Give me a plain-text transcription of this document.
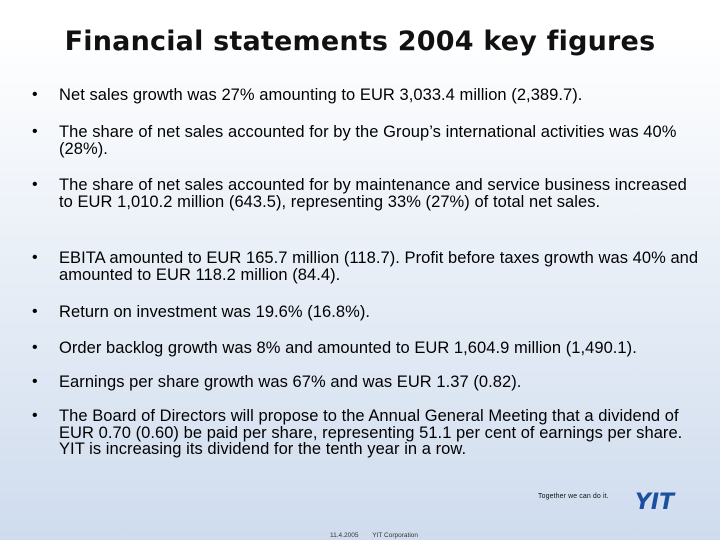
Financial statements 2004 key figures
• Net sales growth was 27% amounting to EUR 3,033.4 million (2,389.7).
• The share of net sales accounted for by the Group’s international activities was 40% (28%).
• The share of net sales accounted for by maintenance and service business increased to EUR 1,010.2 million (643.5), representing 33% (27%) of total net sales.
• EBITA amounted to EUR 165.7 million (118.7). Profit before taxes growth was 40% and amounted to EUR 118.2 million (84.4).
• Return on investment was 19.6% (16.8%).
• Order backlog growth was 8% and amounted to EUR 1,604.9 million (1,490.1).
• Earnings per share growth was 67% and was EUR 1.37 (0.82).
• The Board of Directors will propose to the Annual General Meeting that a dividend of EUR 0.70 (0.60) be paid per share, representing 51.1 per cent of earnings per share. YIT is increasing its dividend for the tenth year in a row.
Together we can do it. YIT
11.4.2005 YIT Corporation
